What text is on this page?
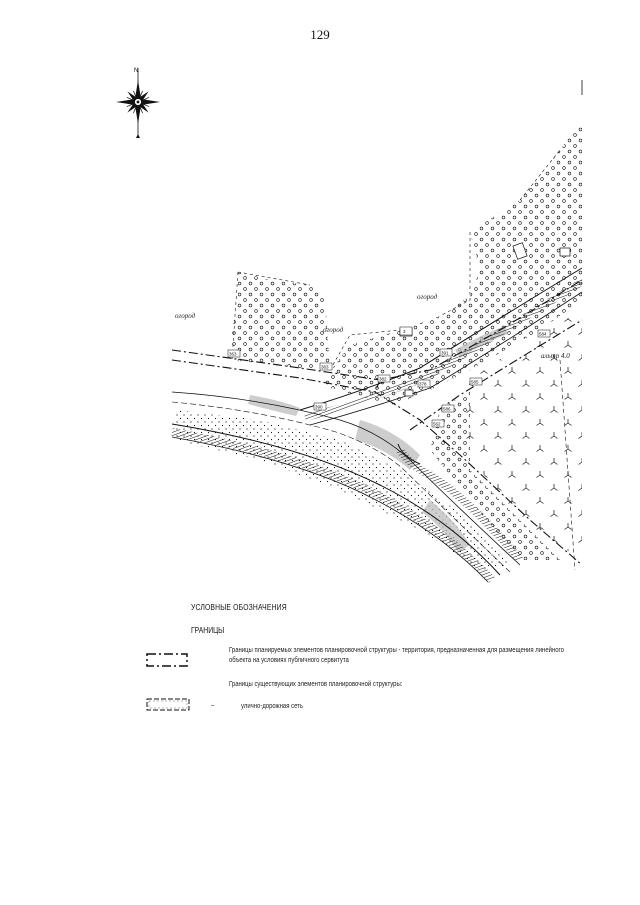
129
N
3
382
363
390
391
363
378
584
585
586
562
огород
огород
огород
альтр 4.0
УСЛОВНЫЕ ОБОЗНАЧЕНИЯ
ГРАНИЦЫ
Границы планируемых элементов планировочной структуры - территория, предназначенная для размещения линейного объекта на условиях публичного сервитута
Границы существующих элементов планировочной структуры:
–	улично-дорожная сеть
